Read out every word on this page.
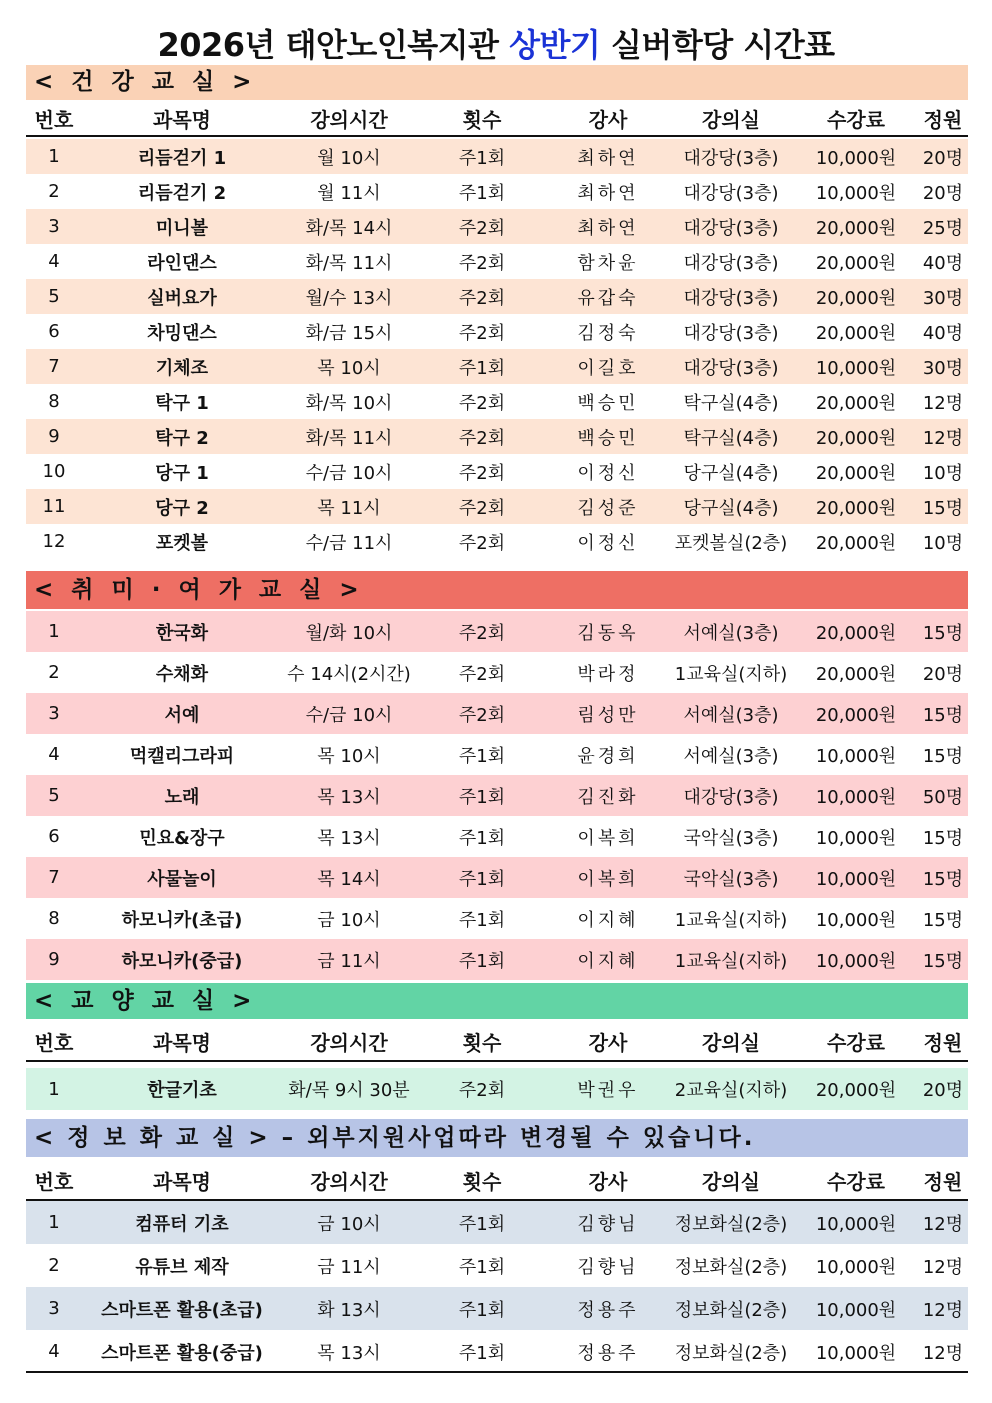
2026년 태안노인복지관 상반기 실버학당 시간표
< 건 강 교 실 >
번호	과목명	강의시간	횟수	강사	강의실	수강료	정원
1	리듬걷기 1	월 10시	주1회	최하연	대강당(3층)	10,000원	20명
2	리듬걷기 2	월 11시	주1회	최하연	대강당(3층)	10,000원	20명
3	미니볼	화/목 14시	주2회	최하연	대강당(3층)	20,000원	25명
4	라인댄스	화/목 11시	주2회	함차윤	대강당(3층)	20,000원	40명
5	실버요가	월/수 13시	주2회	유갑숙	대강당(3층)	20,000원	30명
6	차밍댄스	화/금 15시	주2회	김정숙	대강당(3층)	20,000원	40명
7	기체조	목 10시	주1회	이길호	대강당(3층)	10,000원	30명
8	탁구 1	화/목 10시	주2회	백승민	탁구실(4층)	20,000원	12명
9	탁구 2	화/목 11시	주2회	백승민	탁구실(4층)	20,000원	12명
10	당구 1	수/금 10시	주2회	이정신	당구실(4층)	20,000원	10명
11	당구 2	목 11시	주2회	김성준	당구실(4층)	20,000원	15명
12	포켓볼	수/금 11시	주2회	이정신	포켓볼실(2층)	20,000원	10명
< 취 미 · 여 가 교 실 >
1	한국화	월/화 10시	주2회	김동옥	서예실(3층)	20,000원	15명
2	수채화	수 14시(2시간)	주2회	박라정	1교육실(지하)	20,000원	20명
3	서예	수/금 10시	주2회	림성만	서예실(3층)	20,000원	15명
4	먹캘리그라피	목 10시	주1회	윤경희	서예실(3층)	10,000원	15명
5	노래	목 13시	주1회	김진화	대강당(3층)	10,000원	50명
6	민요&장구	목 13시	주1회	이복희	국악실(3층)	10,000원	15명
7	사물놀이	목 14시	주1회	이복희	국악실(3층)	10,000원	15명
8	하모니카(초급)	금 10시	주1회	이지혜	1교육실(지하)	10,000원	15명
9	하모니카(중급)	금 11시	주1회	이지혜	1교육실(지하)	10,000원	15명
< 교 양 교 실 >
번호	과목명	강의시간	횟수	강사	강의실	수강료	정원
1	한글기초	화/목 9시 30분	주2회	박권우	2교육실(지하)	20,000원	20명
< 정 보 화 교 실 > – 외부지원사업따라 변경될 수 있습니다.
번호	과목명	강의시간	횟수	강사	강의실	수강료	정원
1	컴퓨터 기초	금 10시	주1회	김향님	정보화실(2층)	10,000원	12명
2	유튜브 제작	금 11시	주1회	김향님	정보화실(2층)	10,000원	12명
3	스마트폰 활용(초급)	화 13시	주1회	정용주	정보화실(2층)	10,000원	12명
4	스마트폰 활용(중급)	목 13시	주1회	정용주	정보화실(2층)	10,000원	12명
